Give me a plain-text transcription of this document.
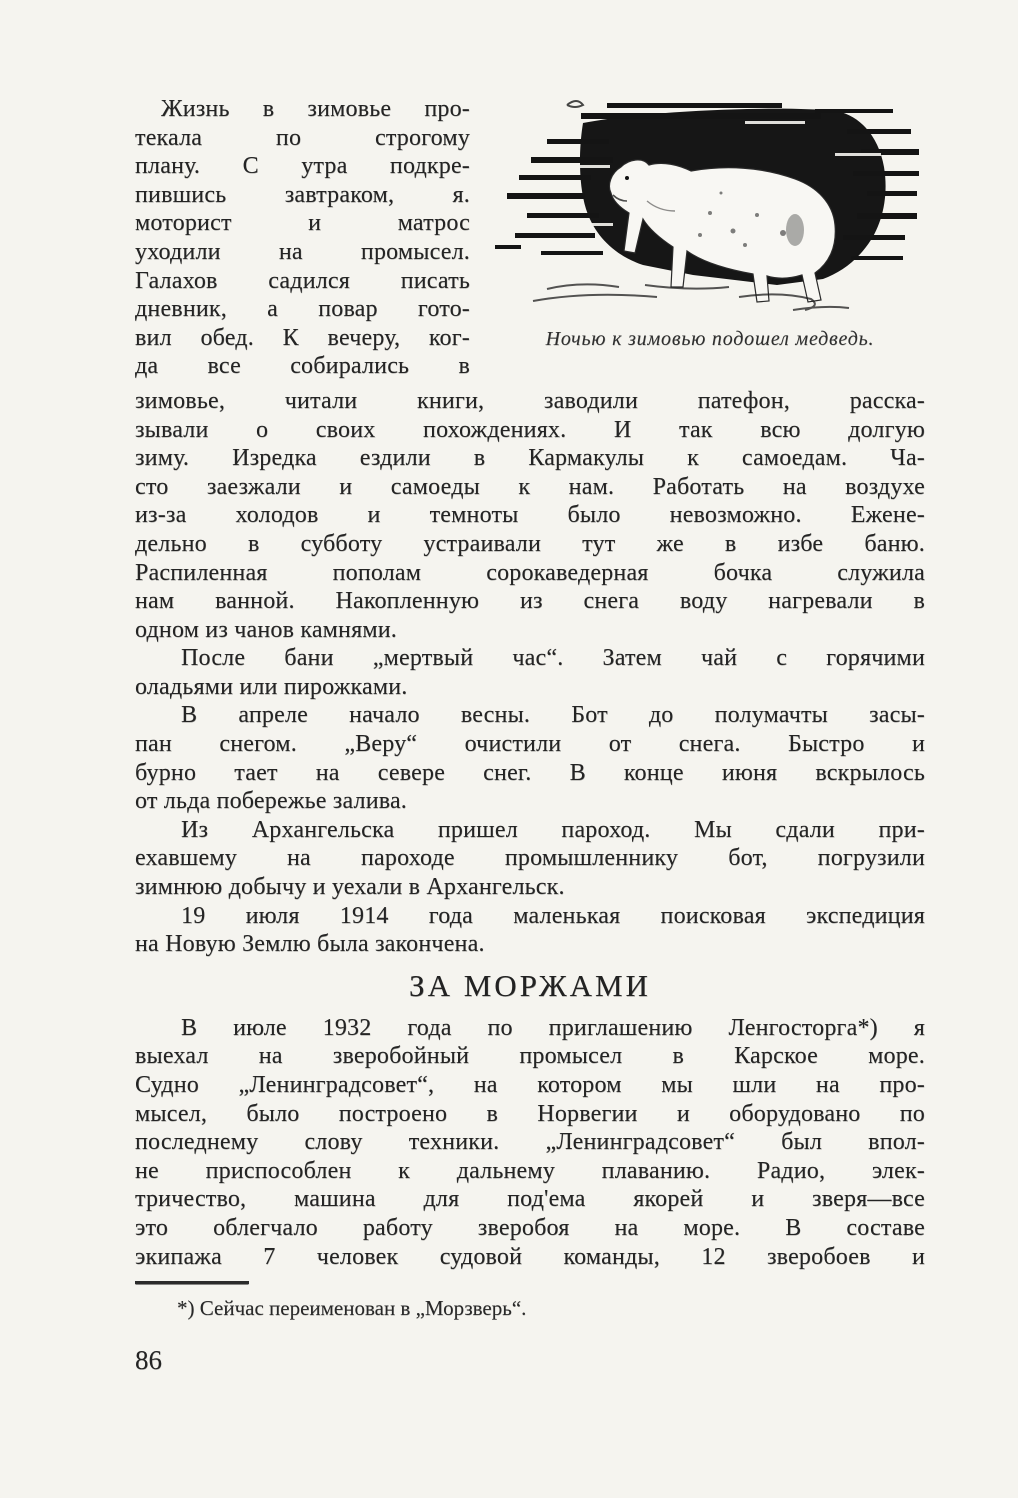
Жизнь в зимовье про-
текала по строгому
плану. С утра подкре-
пившись завтраком, я.
моторист и матрос
уходили на промысел.
Галахов садился писать
дневник, а повар гото-
вил обед. К вечеру, ког-
да все собирались в
Ночью к зимовью подошел медведь.
зимовье, читали книги, заводили патефон, расска-
зывали о своих похождениях. И так всю долгую
зиму. Изредка ездили в Кармакулы к самоедам. Ча-
сто заезжали и самоеды к нам. Работать на воздухе
из-за холодов и темноты было невозможно. Ежене-
дельно в субботу устраивали тут же в избе баню.
Распиленная пополам сорокаведерная бочка служила
нам ванной. Накопленную из снега воду нагревали в
одном из чанов камнями.
После бани „мертвый час“. Затем чай с горячими
оладьями или пирожками.
В апреле начало весны. Бот до полумачты засы-
пан снегом. „Веру“ очистили от снега. Быстро и
бурно тает на севере снег. В конце июня вскрылось
от льда побережье залива.
Из Архангельска пришел пароход. Мы сдали при-
ехавшему на пароходе промышленнику бот, погрузили
зимнюю добычу и уехали в Архангельск.
19 июля 1914 года маленькая поисковая экспедиция
на Новую Землю была закончена.
ЗА МОРЖАМИ
В июле 1932 года по приглашению Ленгосторга*) я
выехал на зверобойный промысел в Карское море.
Судно „Ленинградсовет“, на котором мы шли на про-
мысел, было построено в Норвегии и оборудовано по
последнему слову техники. „Ленинградсовет“ был впол-
не приспособлен к дальнему плаванию. Радио, элек-
тричество, машина для под'ема якорей и зверя—все
это облегчало работу зверобоя на море. В составе
экипажа 7 человек судовой команды, 12 зверобоев и
*) Сейчас переименован в „Морзверь“.
86
